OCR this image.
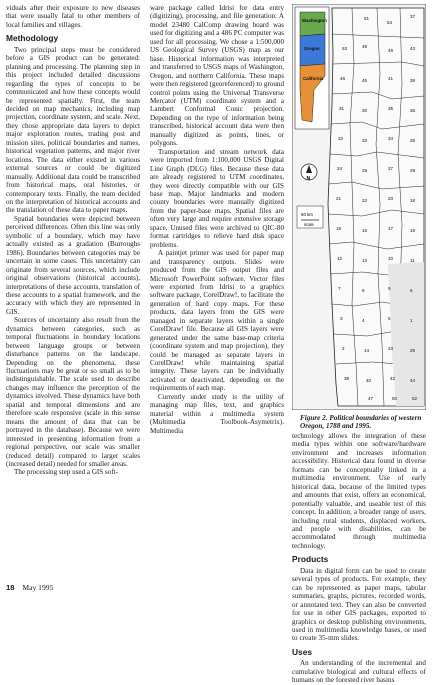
viduals after their exposure to new diseases that were usually fatal to other members of local families and villages.

Methodology

Two principal steps must be considered before a GIS product can be generated: planning and processing. The planning step in this project included detailed discussions regarding the types of concepts to be communicated and how these concepts would be represented spatially. First, the team decided on map mechanics, including map projection, coordinate system, and scale. Next, they chose appropriate data layers to depict major exploration routes, trading post and mission sites, political boundaries and names, historical vegetation patterns, and major river locations. The data either existed in various external sources or could be digitized manually. Additional data could be transcribed from historical maps, oral histories, or contemporary texts. Finally, the team decided on the interpretation of historical accounts and the translation of these data to paper maps.

Spatial boundaries were depicted between perceived differences. Often this line was only symbolic of a boundary, which may have actually existed as a gradation (Burroughs 1986). Boundaries between categories may be uncertain in some cases. This uncertainty can originate from several sources, which include original observations (historical accounts), interpretations of these accounts, translation of these accounts to a spatial framework, and the accuracy with which they are represented in GIS.

Sources of uncertainty also result from the dynamics between categories, such as temporal fluctuations in boundary locations between language groups or between disturbance patterns on the landscape. Depending on the phenomena, these fluctuations may be great or so small as to be indistinguishable. The scale used to describe changes may influence the perception of the dynamics involved. These dynamics have both spatial and temporal dimensions and are therefore scale responsive (scale in this sense means the amount of data that can be portrayed in the database). Because we were interested in presenting information from a regional perspective, our scale was smaller (reduced detail) compared to larger scales (increased detail) needed for smaller areas.

The processing step used a GIS soft-

ware package called Idrisi for data entry (digitizing), processing, and file generation. A model 23480 CalComp drawing board was used for digitizing and a 486 PC computer was used for all processing. We chose a 1:500,000 US Geological Survey (USGS) map as our base. Historical information was interpreted and transferred to USGS maps of Washington, Oregon, and northern California. These maps were then registered (georeferenced) to ground control points using the Universal Transverse Mercator (UTM) coordinate system and a Lambert Conformal Conic projection. Depending on the type of information being transcribed, historical account data were then manually digitized as points, lines, or polygons.

Transportation and stream network data were imported from 1:100,000 USGS Digital Line Graph (DLG) files. Because these data are already registered to UTM coordinates, they were directly compatible with our GIS base map. Major landmarks and modern county boundaries were manually digitized from the paper-base maps. Spatial files are often very large and require extensive storage space. Unused files were archived to QIC-80 format cartridges to relieve hard disk space problems.

A paintjet printer was used for paper map and transparency outputs. Slides were produced from the GIS output files and Microsoft PowerPoint software. Vector files were exported from Idrisi to a graphics software package, CorelDraw!, to facilitate the generation of hard copy maps. For these products, data layers from the GIS were managed in separate layers within a single CorelDraw! file. Because all GIS layers were generated under the same base-map criteria (coordinate system and map projection), they could be managed as separate layers in CorelDraw! while maintaining spatial integrity. These layers can be individually activated or deactivated, depending on the requirements of each map.

Currently under study is the utility of managing map files, text, and graphics material within a multimedia system (Multimedia Toolbook-Asymetrix). Multimedia

Washington
Oregon
California
51
54
37
53	49
48	43
46	45	41	39
31	30	35	36
32	33	34	26
24	25	27	28
21	22	20	18
15	16	17	19
12	13	10	11
7	8	9	6
3	4	5	1
2	14	23	29
38	40	42	44
47	50	52
N
50 km
scale
Figure 2. Political boundaries of western Oregon, 1788 and 1995.

technology allows the integration of these media types within one software/hardware environment and increases information accessibility. Historical data found in diverse formats can be conceptually linked in a multimedia environment. Use of early historical data, because of the limited types and amounts that exist, offers an economical, potentially valuable, and useable test of this concept. In addition, a broader range of users, including rural students, displaced workers, and people with disabilities, can be accommodated through multimedia technology.

Products

Data in digital form can be used to create several types of products. For example, they can be represented as paper maps, tabular summaries, graphs, pictures, recorded words, or annotated text. They can also be converted for use in other GIS packages, exported to graphics or desktop publishing environments, used in multimedia knowledge bases, or used to create 35-mm slides.

Uses

An understanding of the incremental and cumulative biological and cultural effects of humans on the forested river basins

18 May 1995
